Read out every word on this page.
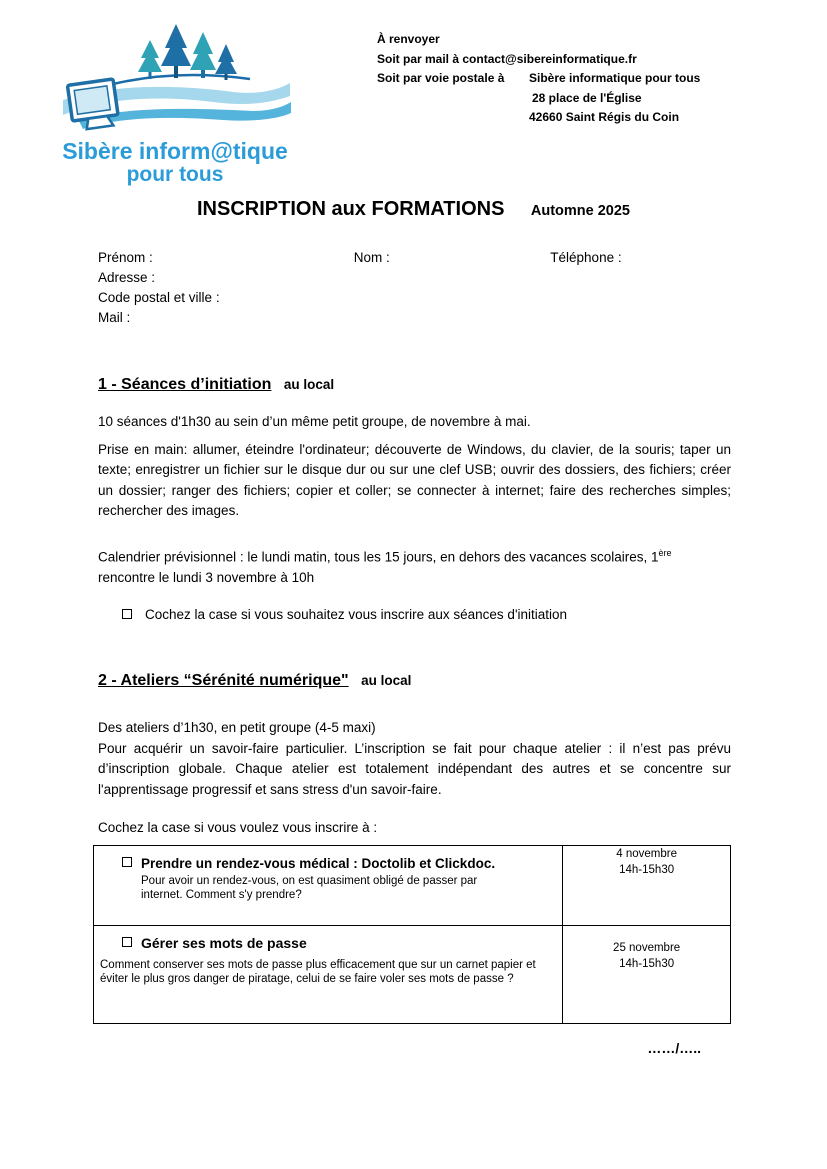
Sibère inform@tique
pour tous
À renvoyer
Soit par mail à contact@sibereinformatique.fr
Soit par voie postale à	Sibère informatique pour tous
28 place de l'Église
42660 Saint Régis du Coin
INSCRIPTION aux FORMATIONS Automne 2025
Prénom :	Nom :	Téléphone :
Adresse :
Code postal et ville :
Mail :
1 - Séances d’initiation au local

10 séances d'1h30 au sein d’un même petit groupe, de novembre à mai.

Prise en main: allumer, éteindre l'ordinateur; découverte de Windows, du clavier, de la souris; taper un texte; enregistrer un fichier sur le disque dur ou sur une clef USB; ouvrir des dossiers, des fichiers; créer un dossier; ranger des fichiers; copier et coller; se connecter à internet; faire des recherches simples; rechercher des images.

Calendrier prévisionnel : le lundi matin, tous les 15 jours, en dehors des vacances scolaires, 1ère rencontre le lundi 3 novembre à 10h

Cochez la case si vous souhaitez vous inscrire aux séances d'initiation
2 - Ateliers “Sérénité numérique" au local

Des ateliers d’1h30, en petit groupe (4-5 maxi)

Pour acquérir un savoir-faire particulier. L’inscription se fait pour chaque atelier : il n’est pas prévu d’inscription globale. Chaque atelier est totalement indépendant des autres et se concentre sur l'apprentissage progressif et sans stress d'un savoir-faire.

Cochez la case si vous voulez vous inscrire à :

Prendre un rendez-vous médical : Doctolib et Clickdoc.
Pour avoir un rendez-vous, on est quasiment obligé de passer par internet. Comment s'y prendre?

4 novembre
14h-15h30

Gérer ses mots de passe
Comment conserver ses mots de passe plus efficacement que sur un carnet papier et éviter le plus gros danger de piratage, celui de se faire voler ses mots de passe ?

25 novembre
14h-15h30
……/…..
